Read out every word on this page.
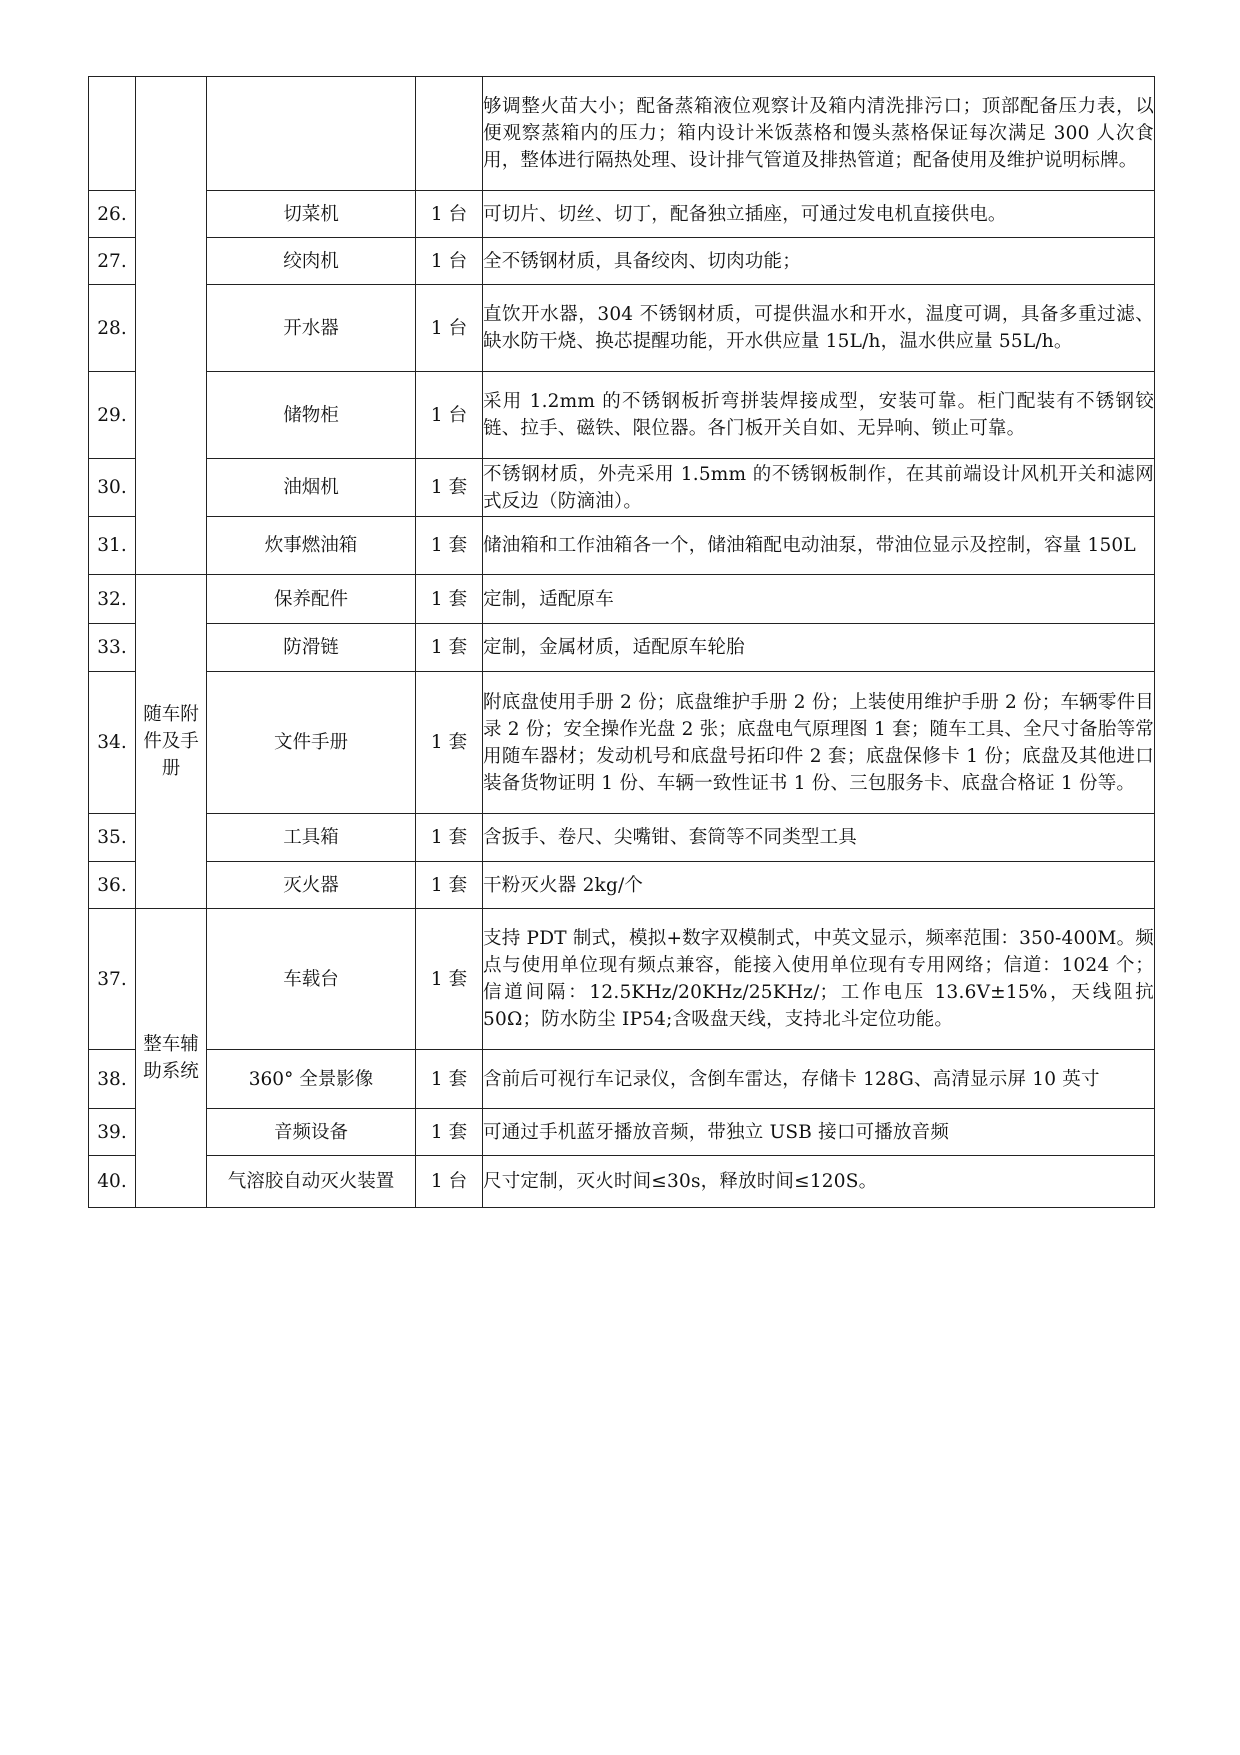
				够调整火苗大小；配备蒸箱液位观察计及箱内清洗排污口；顶部配备压力表，以便观察蒸箱内的压力；箱内设计米饭蒸格和馒头蒸格保证每次满足 300 人次食用，整体进行隔热处理、设计排气管道及排热管道；配备使用及维护说明标牌。
26.		切菜机	1 台	可切片、切丝、切丁，配备独立插座，可通过发电机直接供电。
27.		绞肉机	1 台	全不锈钢材质，具备绞肉、切肉功能；
28.		开水器	1 台	直饮开水器，304 不锈钢材质，可提供温水和开水，温度可调，具备多重过滤、缺水防干烧、换芯提醒功能，开水供应量 15L/h，温水供应量 55L/h。
29.		储物柜	1 台	采用 1.2mm 的不锈钢板折弯拼装焊接成型，安装可靠。柜门配装有不锈钢铰链、拉手、磁铁、限位器。各门板开关自如、无异响、锁止可靠。
30.		油烟机	1 套	不锈钢材质，外壳采用 1.5mm 的不锈钢板制作，在其前端设计风机开关和滤网式反边（防滴油）。
31.		炊事燃油箱	1 套	储油箱和工作油箱各一个，储油箱配电动油泵，带油位显示及控制，容量 150L
32.	随车附件及手册	保养配件	1 套	定制，适配原车
33.		防滑链	1 套	定制，金属材质，适配原车轮胎
34.		文件手册	1 套	附底盘使用手册 2 份；底盘维护手册 2 份；上装使用维护手册 2 份；车辆零件目录 2 份；安全操作光盘 2 张；底盘电气原理图 1 套；随车工具、全尺寸备胎等常用随车器材；发动机号和底盘号拓印件 2 套；底盘保修卡 1 份；底盘及其他进口装备货物证明 1 份、车辆一致性证书 1 份、三包服务卡、底盘合格证 1 份等。
35.		工具箱	1 套	含扳手、卷尺、尖嘴钳、套筒等不同类型工具
36.		灭火器	1 套	干粉灭火器 2kg/个
37.	整车辅助系统	车载台	1 套	支持 PDT 制式，模拟+数字双模制式，中英文显示，频率范围：350-400M。频点与使用单位现有频点兼容，能接入使用单位现有专用网络；信道：1024 个；信道间隔：12.5KHz/20KHz/25KHz/；工作电压 13.6V±15%，天线阻抗 50Ω；防水防尘 IP54;含吸盘天线，支持北斗定位功能。
38.		360° 全景影像	1 套	含前后可视行车记录仪，含倒车雷达，存储卡 128G、高清显示屏 10 英寸
39.		音频设备	1 套	可通过手机蓝牙播放音频，带独立 USB 接口可播放音频
40.		气溶胶自动灭火装置	1 台	尺寸定制，灭火时间≤30s，释放时间≤120S。
